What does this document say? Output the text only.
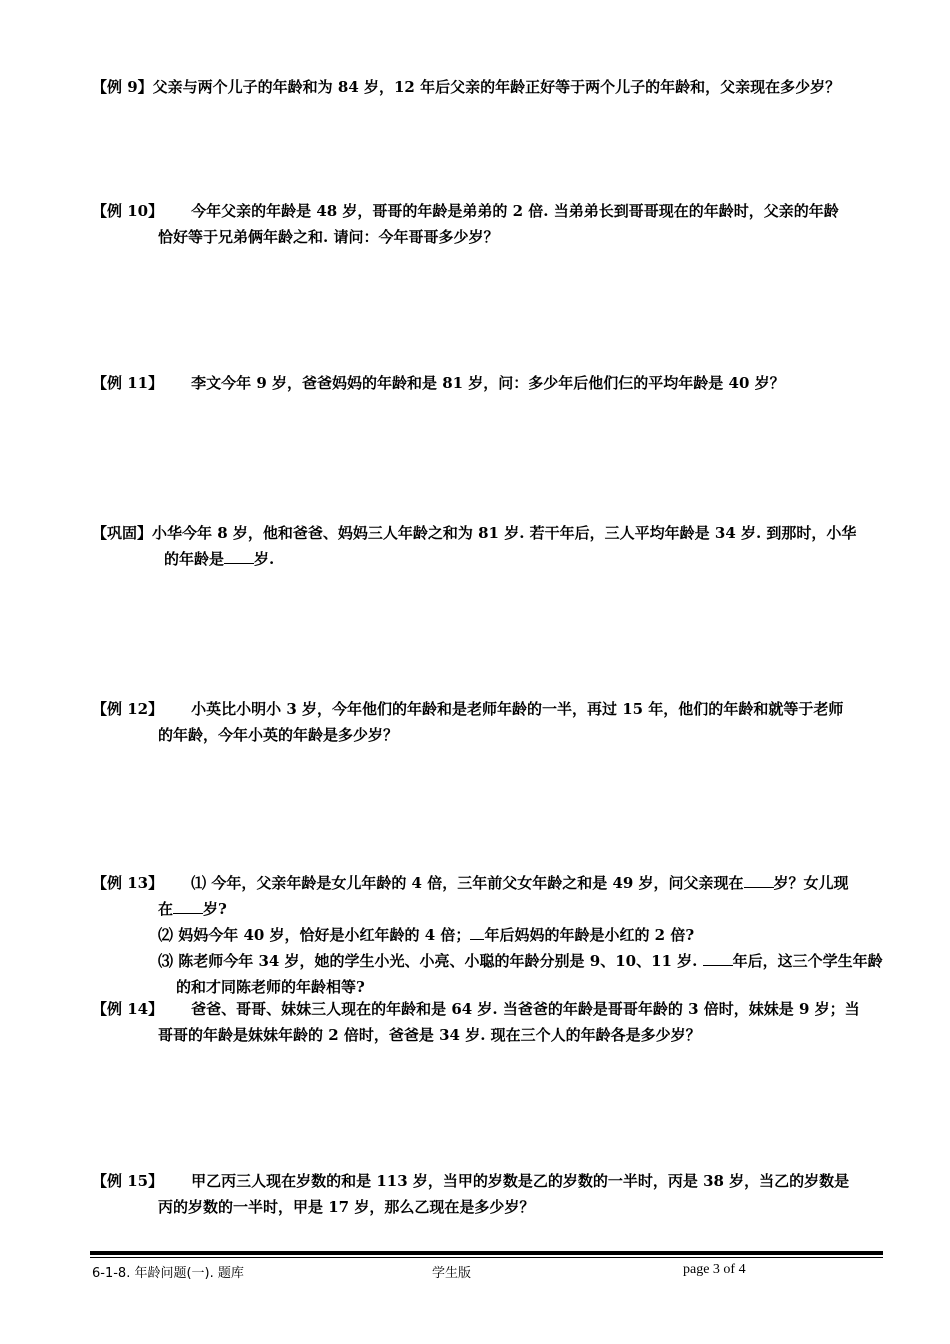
【例 9】父亲与两个儿子的年龄和为 84 岁，12 年后父亲的年龄正好等于两个儿子的年龄和，父亲现在多少岁？
【例 10】 今年父亲的年龄是 48 岁，哥哥的年龄是弟弟的 2 倍. 当弟弟长到哥哥现在的年龄时，父亲的年龄
恰好等于兄弟俩年龄之和. 请问：今年哥哥多少岁？
【例 11】 李文今年 9 岁，爸爸妈妈的年龄和是 81 岁，问：多少年后他们仨的平均年龄是 40 岁？
【巩固】小华今年 8 岁，他和爸爸、妈妈三人年龄之和为 81 岁. 若干年后，三人平均年龄是 34 岁. 到那时，小华
的年龄是 岁.
【例 12】 小英比小明小 3 岁，今年他们的年龄和是老师年龄的一半，再过 15 年，他们的年龄和就等于老师
的年龄，今年小英的年龄是多少岁？
【例 13】 ⑴ 今年，父亲年龄是女儿年龄的 4 倍，三年前父女年龄之和是 49 岁，问父亲现在 岁？女儿现
在 岁?
⑵ 妈妈今年 40 岁，恰好是小红年龄的 4 倍； 年后妈妈的年龄是小红的 2 倍?
⑶ 陈老师今年 34 岁，她的学生小光、小亮、小聪的年龄分别是 9、10、11 岁. 年后，这三个学生年龄
的和才同陈老师的年龄相等?
【例 14】 爸爸、哥哥、妹妹三人现在的年龄和是 64 岁. 当爸爸的年龄是哥哥年龄的 3 倍时，妹妹是 9 岁；当
哥哥的年龄是妹妹年龄的 2 倍时，爸爸是 34 岁. 现在三个人的年龄各是多少岁？
【例 15】 甲乙丙三人现在岁数的和是 113 岁，当甲的岁数是乙的岁数的一半时，丙是 38 岁，当乙的岁数是
丙的岁数的一半时，甲是 17 岁，那么乙现在是多少岁？
6-1-8. 年龄问题(一). 题库	学生版	page 3 of 4
